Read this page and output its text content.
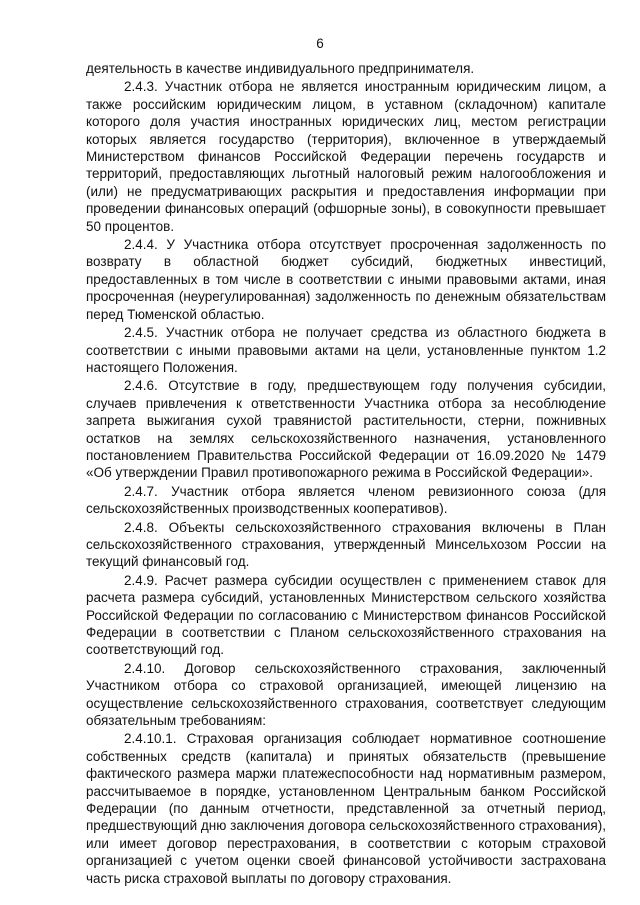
6

деятельность в качестве индивидуального предпринимателя.

2.4.3. Участник отбора не является иностранным юридическим лицом, а также российским юридическим лицом, в уставном (складочном) капитале которого доля участия иностранных юридических лиц, местом регистрации которых является государство (территория), включенное в утверждаемый Министерством финансов Российской Федерации перечень государств и территорий, предоставляющих льготный налоговый режим налогообложения и (или) не предусматривающих раскрытия и предоставления информации при проведении финансовых операций (офшорные зоны), в совокупности превышает 50 процентов.

2.4.4. У Участника отбора отсутствует просроченная задолженность по возврату в областной бюджет субсидий, бюджетных инвестиций, предоставленных в том числе в соответствии с иными правовыми актами, иная просроченная (неурегулированная) задолженность по денежным обязательствам перед Тюменской областью.

2.4.5. Участник отбора не получает средства из областного бюджета в соответствии с иными правовыми актами на цели, установленные пунктом 1.2 настоящего Положения.

2.4.6. Отсутствие в году, предшествующем году получения субсидии, случаев привлечения к ответственности Участника отбора за несоблюдение запрета выжигания сухой травянистой растительности, стерни, пожнивных остатков на землях сельскохозяйственного назначения, установленного постановлением Правительства Российской Федерации от 16.09.2020 № 1479 «Об утверждении Правил противопожарного режима в Российской Федерации».

2.4.7. Участник отбора является членом ревизионного союза (для сельскохозяйственных производственных кооперативов).

2.4.8. Объекты сельскохозяйственного страхования включены в План сельскохозяйственного страхования, утвержденный Минсельхозом России на текущий финансовый год.

2.4.9. Расчет размера субсидии осуществлен с применением ставок для расчета размера субсидий, установленных Министерством сельского хозяйства Российской Федерации по согласованию с Министерством финансов Российской Федерации в соответствии с Планом сельскохозяйственного страхования на соответствующий год.

2.4.10. Договор сельскохозяйственного страхования, заключенный Участником отбора со страховой организацией, имеющей лицензию на осуществление сельскохозяйственного страхования, соответствует следующим обязательным требованиям:

2.4.10.1. Страховая организация соблюдает нормативное соотношение собственных средств (капитала) и принятых обязательств (превышение фактического размера маржи платежеспособности над нормативным размером, рассчитываемое в порядке, установленном Центральным банком Российской Федерации (по данным отчетности, представленной за отчетный период, предшествующий дню заключения договора сельскохозяйственного страхования), или имеет договор перестрахования, в соответствии с которым страховой организацией с учетом оценки своей финансовой устойчивости застрахована часть риска страховой выплаты по договору страхования.
